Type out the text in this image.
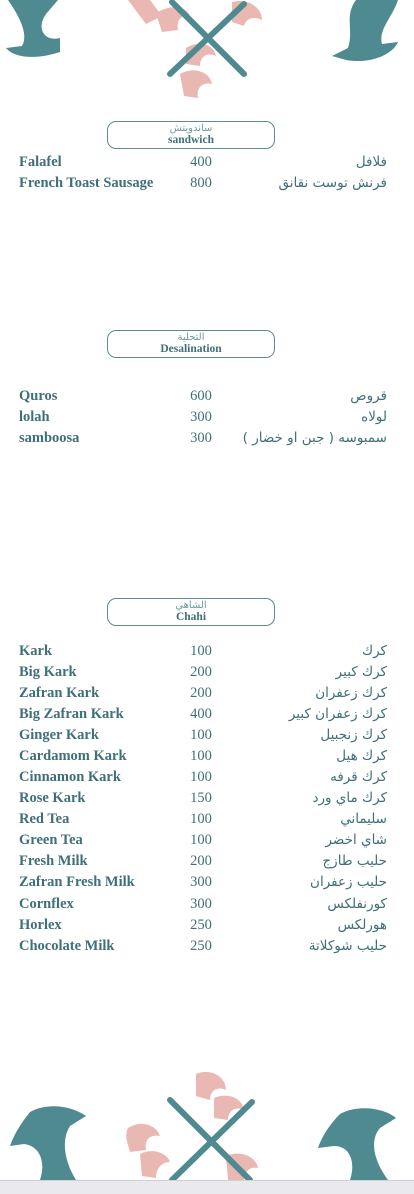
ساندويتش
sandwich
Falafel	400	فلافل
French Toast Sausage	800	فرنش توست نقانق
التحلية
Desalination
Quros	600	قروص
lolah	300	لولاه
samboosa	300	سمبوسه ( جبن او خضار )
الشاهي
Chahi
Kark	100	كرك
Big Kark	200	كرك كبير
Zafran Kark	200	كرك زعفران
Big Zafran Kark	400	كرك زعفران كبير
Ginger Kark	100	كرك زنجبيل
Cardamom Kark	100	كرك هيل
Cinnamon Kark	100	كرك قرفه
Rose Kark	150	كرك ماي ورد
Red Tea	100	سليماني
Green Tea	100	شاي اخضر
Fresh Milk	200	حليب طازج
Zafran Fresh Milk	300	حليب زعفران
Cornflex	300	كورنفلكس
Horlex	250	هورلكس
Chocolate Milk	250	حليب شوكلاتة
